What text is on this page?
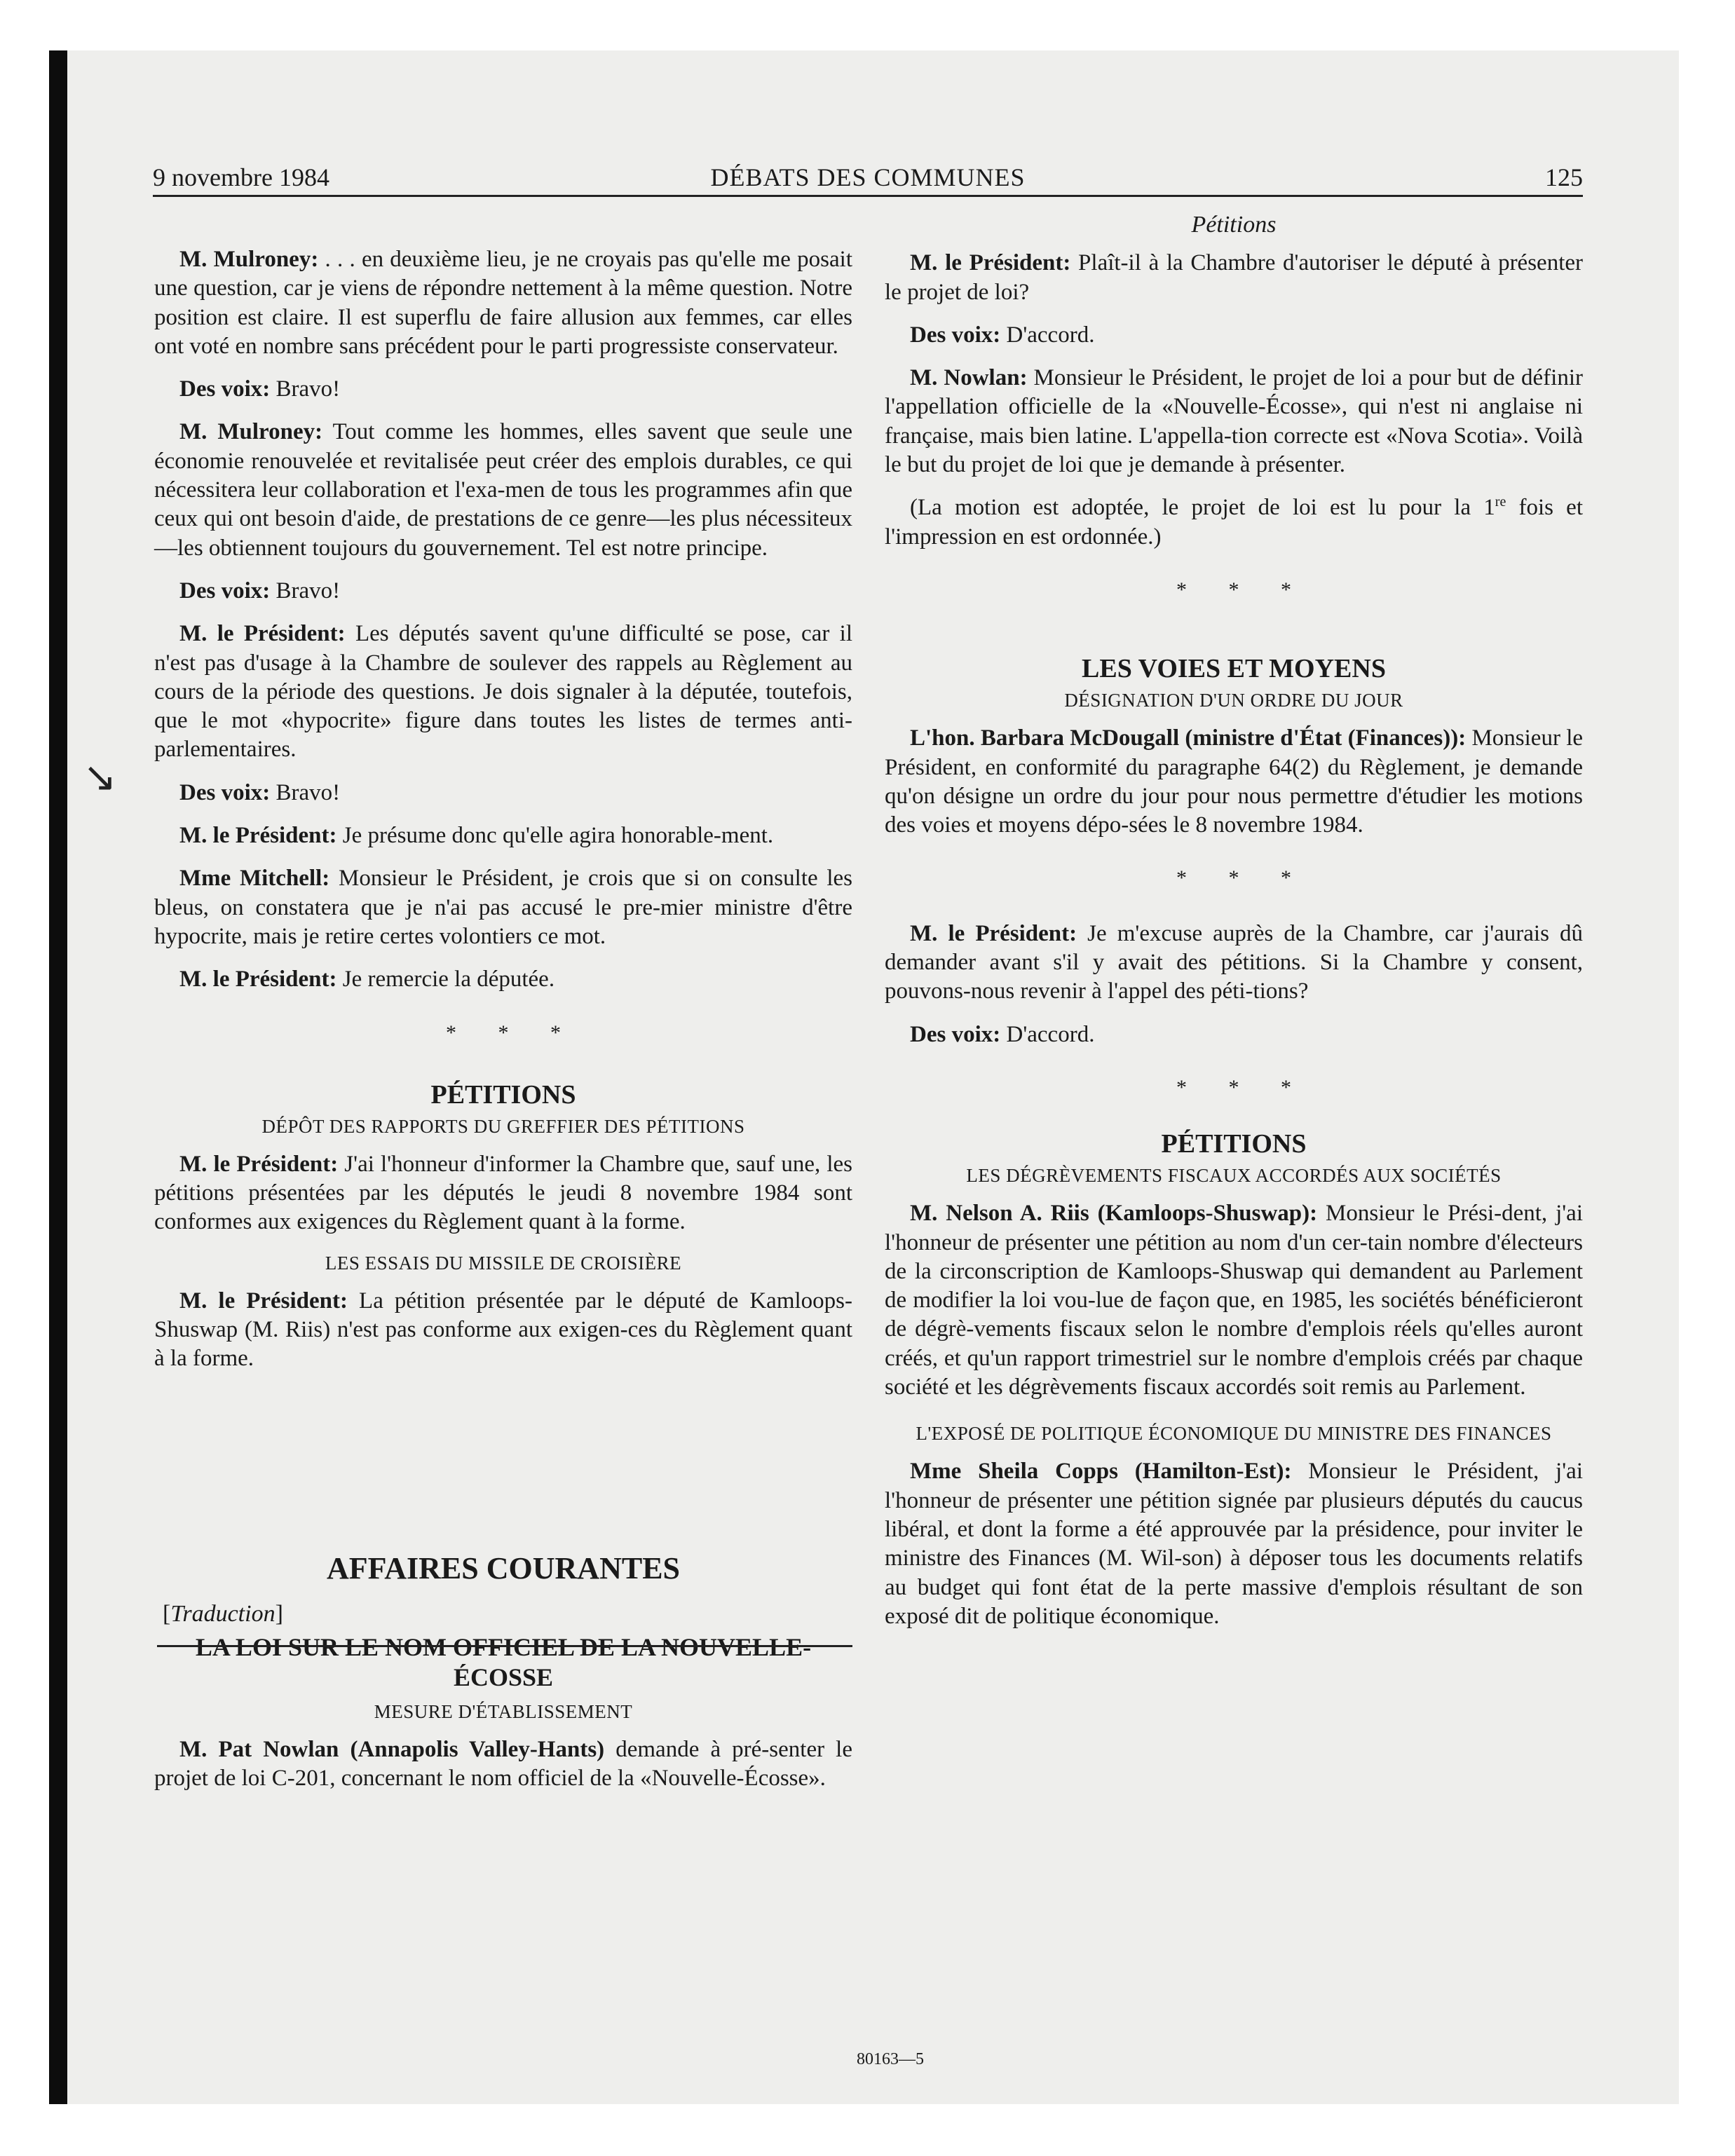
9 novembre 1984	DÉBATS DES COMMUNES	125
↘

M. Mulroney: . . . en deuxième lieu, je ne croyais pas qu'elle me posait une question, car je viens de répondre nettement à la même question. Notre position est claire. Il est superflu de faire allusion aux femmes, car elles ont voté en nombre sans précédent pour le parti progressiste conservateur.

Des voix: Bravo!

M. Mulroney: Tout comme les hommes, elles savent que seule une économie renouvelée et revitalisée peut créer des emplois durables, ce qui nécessitera leur collaboration et l'exa-men de tous les programmes afin que ceux qui ont besoin d'aide, de prestations de ce genre—les plus nécessiteux—les obtiennent toujours du gouvernement. Tel est notre principe.

Des voix: Bravo!

M. le Président: Les députés savent qu'une difficulté se pose, car il n'est pas d'usage à la Chambre de soulever des rappels au Règlement au cours de la période des questions. Je dois signaler à la députée, toutefois, que le mot «hypocrite» figure dans toutes les listes de termes anti-parlementaires.

Des voix: Bravo!

M. le Président: Je présume donc qu'elle agira honorable-ment.

Mme Mitchell: Monsieur le Président, je crois que si on consulte les bleus, on constatera que je n'ai pas accusé le pre-mier ministre d'être hypocrite, mais je retire certes volontiers ce mot.

M. le Président: Je remercie la députée.

* * *
PÉTITIONS
DÉPÔT DES RAPPORTS DU GREFFIER DES PÉTITIONS

M. le Président: J'ai l'honneur d'informer la Chambre que, sauf une, les pétitions présentées par les députés le jeudi 8 novembre 1984 sont conformes aux exigences du Règlement quant à la forme.

LES ESSAIS DU MISSILE DE CROISIÈRE

M. le Président: La pétition présentée par le député de Kamloops-Shuswap (M. Riis) n'est pas conforme aux exigen-ces du Règlement quant à la forme.

AFFAIRES COURANTES
[Traduction]
LA LOI SUR LE NOM OFFICIEL DE LA NOUVELLE-ÉCOSSE
MESURE D'ÉTABLISSEMENT

M. Pat Nowlan (Annapolis Valley-Hants) demande à pré-senter le projet de loi C-201, concernant le nom officiel de la «Nouvelle-Écosse».

Pétitions

M. le Président: Plaît-il à la Chambre d'autoriser le député à présenter le projet de loi?

Des voix: D'accord.

M. Nowlan: Monsieur le Président, le projet de loi a pour but de définir l'appellation officielle de la «Nouvelle-Écosse», qui n'est ni anglaise ni française, mais bien latine. L'appella-tion correcte est «Nova Scotia». Voilà le but du projet de loi que je demande à présenter.

(La motion est adoptée, le projet de loi est lu pour la 1re fois et l'impression en est ordonnée.)

* * *
LES VOIES ET MOYENS
DÉSIGNATION D'UN ORDRE DU JOUR

L'hon. Barbara McDougall (ministre d'État (Finances)): Monsieur le Président, en conformité du paragraphe 64(2) du Règlement, je demande qu'on désigne un ordre du jour pour nous permettre d'étudier les motions des voies et moyens dépo-sées le 8 novembre 1984.

* * *

M. le Président: Je m'excuse auprès de la Chambre, car j'aurais dû demander avant s'il y avait des pétitions. Si la Chambre y consent, pouvons-nous revenir à l'appel des péti-tions?

Des voix: D'accord.

* * *
PÉTITIONS
LES DÉGRÈVEMENTS FISCAUX ACCORDÉS AUX SOCIÉTÉS

M. Nelson A. Riis (Kamloops-Shuswap): Monsieur le Prési-dent, j'ai l'honneur de présenter une pétition au nom d'un cer-tain nombre d'électeurs de la circonscription de Kamloops-Shuswap qui demandent au Parlement de modifier la loi vou-lue de façon que, en 1985, les sociétés bénéficieront de dégrè-vements fiscaux selon le nombre d'emplois réels qu'elles auront créés, et qu'un rapport trimestriel sur le nombre d'emplois créés par chaque société et les dégrèvements fiscaux accordés soit remis au Parlement.

L'EXPOSÉ DE POLITIQUE ÉCONOMIQUE DU MINISTRE DES FINANCES

Mme Sheila Copps (Hamilton-Est): Monsieur le Président, j'ai l'honneur de présenter une pétition signée par plusieurs députés du caucus libéral, et dont la forme a été approuvée par la présidence, pour inviter le ministre des Finances (M. Wil-son) à déposer tous les documents relatifs au budget qui font état de la perte massive d'emplois résultant de son exposé dit de politique économique.

80163—5
